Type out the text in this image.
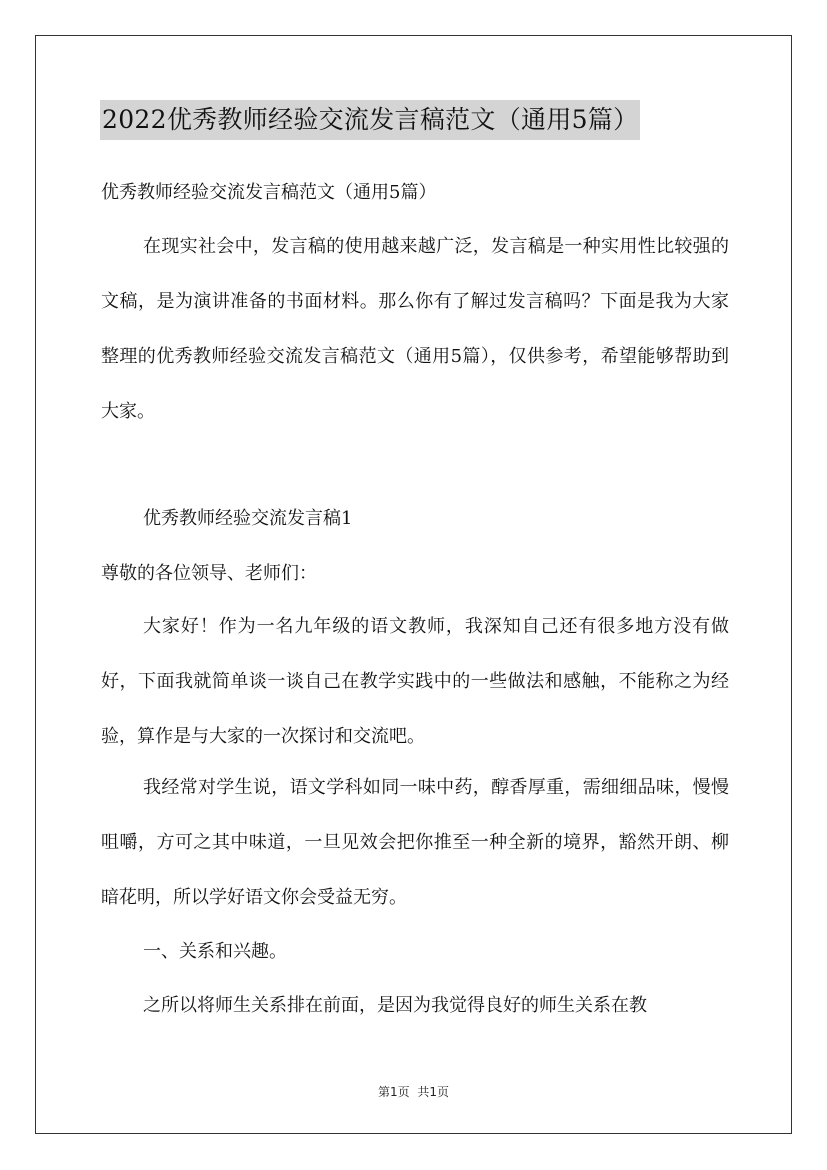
2022优秀教师经验交流发言稿范文（通用5篇）

优秀教师经验交流发言稿范文（通用5篇）

在现实社会中，发言稿的使用越来越广泛，发言稿是一种实用性比较强的文稿，是为演讲准备的书面材料。那么你有了解过发言稿吗？下面是我为大家整理的优秀教师经验交流发言稿范文（通用5篇），仅供参考，希望能够帮助到大家。

优秀教师经验交流发言稿1

尊敬的各位领导、老师们：

大家好！作为一名九年级的语文教师，我深知自己还有很多地方没有做好，下面我就简单谈一谈自己在教学实践中的一些做法和感触，不能称之为经验，算作是与大家的一次探讨和交流吧。

我经常对学生说，语文学科如同一味中药，醇香厚重，需细细品味，慢慢咀嚼，方可之其中味道，一旦见效会把你推至一种全新的境界，豁然开朗、柳暗花明，所以学好语文你会受益无穷。

一、关系和兴趣。

之所以将师生关系排在前面，是因为我觉得良好的师生关系在教

第1页 共1页
